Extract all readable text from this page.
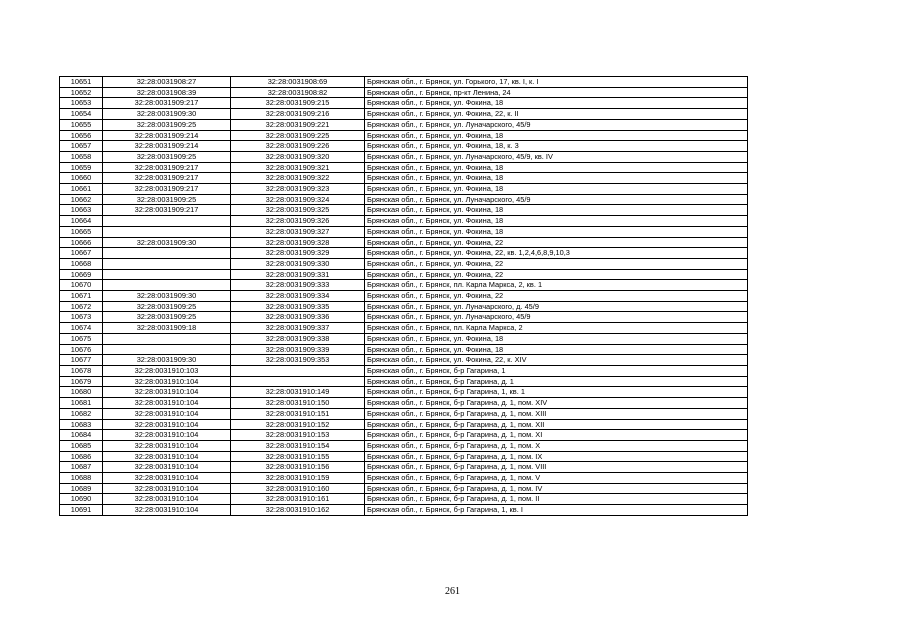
10651	32:28:0031908:27	32:28:0031908:69	Брянская обл., г. Брянск, ул. Горького, 17, кв. I, к. I
10652	32:28:0031908:39	32:28:0031908:82	Брянская обл., г. Брянск, пр-кт Ленина, 24
10653	32:28:0031909:217	32:28:0031909:215	Брянская обл., г. Брянск, ул. Фокина, 18
10654	32:28:0031909:30	32:28:0031909:216	Брянская обл., г. Брянск, ул. Фокина, 22, к. II
10655	32:28:0031909:25	32:28:0031909:221	Брянская обл., г. Брянск, ул. Луначарского, 45/9
10656	32:28:0031909:214	32:28:0031909:225	Брянская обл., г. Брянск, ул. Фокина, 18
10657	32:28:0031909:214	32:28:0031909:226	Брянская обл., г. Брянск, ул. Фокина, 18, к. 3
10658	32:28:0031909:25	32:28:0031909:320	Брянская обл., г. Брянск, ул. Луначарского, 45/9, кв. IV
10659	32:28:0031909:217	32:28:0031909:321	Брянская обл., г. Брянск, ул. Фокина, 18
10660	32:28:0031909:217	32:28:0031909:322	Брянская обл., г. Брянск, ул. Фокина, 18
10661	32:28:0031909:217	32:28:0031909:323	Брянская обл., г. Брянск, ул. Фокина, 18
10662	32:28:0031909:25	32:28:0031909:324	Брянская обл., г. Брянск, ул. Луначарского, 45/9
10663	32:28:0031909:217	32:28:0031909:325	Брянская обл., г. Брянск, ул. Фокина, 18
10664		32:28:0031909:326	Брянская обл., г. Брянск, ул. Фокина, 18
10665		32:28:0031909:327	Брянская обл., г. Брянск, ул. Фокина, 18
10666	32:28:0031909:30	32:28:0031909:328	Брянская обл., г. Брянск, ул. Фокина, 22
10667		32:28:0031909:329	Брянская обл., г. Брянск, ул. Фокина, 22, кв. 1,2,4,6,8,9,10,3
10668		32:28:0031909:330	Брянская обл., г. Брянск, ул. Фокина, 22
10669		32:28:0031909:331	Брянская обл., г. Брянск, ул. Фокина, 22
10670		32:28:0031909:333	Брянская обл., г. Брянск, пл. Карла Маркса, 2, кв. 1
10671	32:28:0031909:30	32:28:0031909:334	Брянская обл., г. Брянск, ул. Фокина, 22
10672	32:28:0031909:25	32:28:0031909:335	Брянская обл., г. Брянск, ул. Луначарского, д. 45/9
10673	32:28:0031909:25	32:28:0031909:336	Брянская обл., г. Брянск, ул. Луначарского, 45/9
10674	32:28:0031909:18	32:28:0031909:337	Брянская обл., г. Брянск, пл. Карла Маркса, 2
10675		32:28:0031909:338	Брянская обл., г. Брянск, ул. Фокина, 18
10676		32:28:0031909:339	Брянская обл., г. Брянск, ул. Фокина, 18
10677	32:28:0031909:30	32:28:0031909:353	Брянская обл., г. Брянск, ул. Фокина, 22, к. XIV
10678	32:28:0031910:103		Брянская обл., г. Брянск, б-р Гагарина, 1
10679	32:28:0031910:104		Брянская обл., г. Брянск, б-р Гагарина, д. 1
10680	32:28:0031910:104	32:28:0031910:149	Брянская обл., г. Брянск, б-р Гагарина, 1, кв. 1
10681	32:28:0031910:104	32:28:0031910:150	Брянская обл., г. Брянск, б-р Гагарина, д. 1, пом. XIV
10682	32:28:0031910:104	32:28:0031910:151	Брянская обл., г. Брянск, б-р Гагарина, д. 1, пом. XIII
10683	32:28:0031910:104	32:28:0031910:152	Брянская обл., г. Брянск, б-р Гагарина, д. 1, пом. XII
10684	32:28:0031910:104	32:28:0031910:153	Брянская обл., г. Брянск, б-р Гагарина, д. 1, пом. XI
10685	32:28:0031910:104	32:28:0031910:154	Брянская обл., г. Брянск, б-р Гагарина, д. 1, пом. X
10686	32:28:0031910:104	32:28:0031910:155	Брянская обл., г. Брянск, б-р Гагарина, д. 1, пом. IX
10687	32:28:0031910:104	32:28:0031910:156	Брянская обл., г. Брянск, б-р Гагарина, д. 1, пом. VIII
10688	32:28:0031910:104	32:28:0031910:159	Брянская обл., г. Брянск, б-р Гагарина, д. 1, пом. V
10689	32:28:0031910:104	32:28:0031910:160	Брянская обл., г. Брянск, б-р Гагарина, д. 1, пом. IV
10690	32:28:0031910:104	32:28:0031910:161	Брянская обл., г. Брянск, б-р Гагарина, д. 1, пом. II
10691	32:28:0031910:104	32:28:0031910:162	Брянская обл., г. Брянск, б-р Гагарина, 1, кв. I
261
